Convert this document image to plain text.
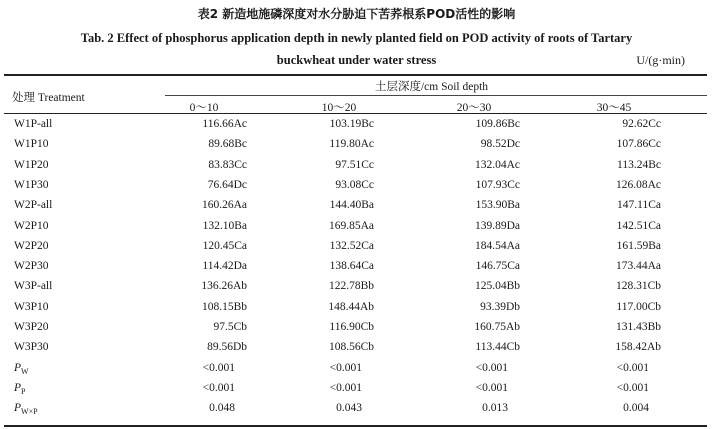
表2 新造地施磷深度对水分胁迫下苦荞根系POD活性的影响
Tab. 2 Effect of phosphorus application depth in newly planted field on POD activity of roots of Tartary
buckwheat under water stress	U/(g·min)
处理 Treatment
土层深度/cm Soil depth
0～10	10～20	20～30	30～45
W1P-all	116.66Ac	103.19Bc	109.86Bc	92.62Cc
W1P10	89.68Bc	119.80Ac	98.52Dc	107.86Cc
W1P20	83.83Cc	97.51Cc	132.04Ac	113.24Bc
W1P30	76.64Dc	93.08Cc	107.93Cc	126.08Ac
W2P-all	160.26Aa	144.40Ba	153.90Ba	147.11Ca
W2P10	132.10Ba	169.85Aa	139.89Da	142.51Ca
W2P20	120.45Ca	132.52Ca	184.54Aa	161.59Ba
W2P30	114.42Da	138.64Ca	146.75Ca	173.44Aa
W3P-all	136.26Ab	122.78Bb	125.04Bb	128.31Cb
W3P10	108.15Bb	148.44Ab	93.39Db	117.00Cb
W3P20	97.5Cb	116.90Cb	160.75Ab	131.43Bb
W3P30	89.56Db	108.56Cb	113.44Cb	158.42Ab
$P_W$	<0.001	<0.001	<0.001	<0.001
$P_P$	<0.001	<0.001	<0.001	<0.001
$P_{W\times P}$	0.048	0.043	0.013	0.004
